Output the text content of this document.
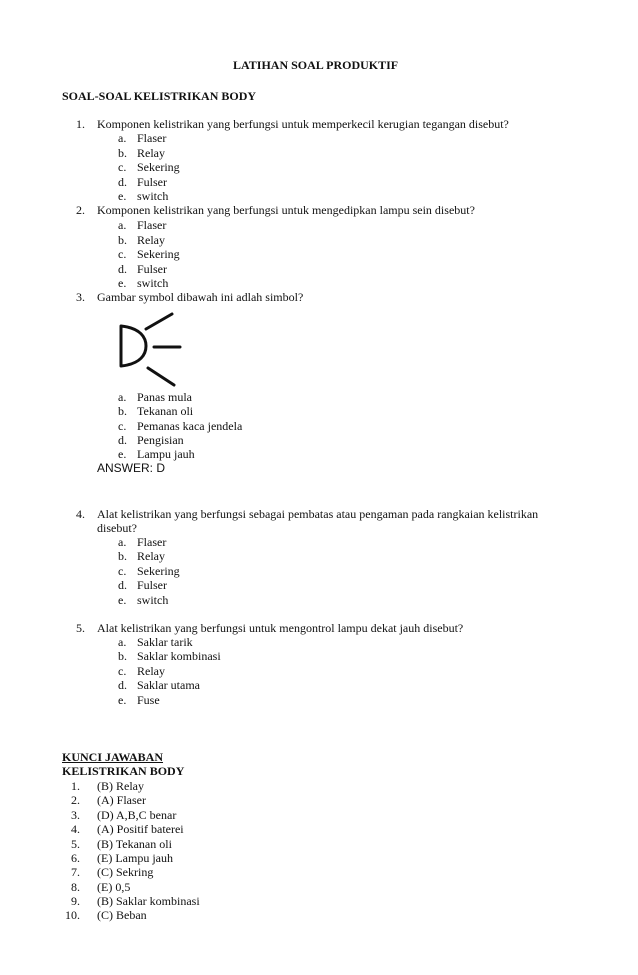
LATIHAN SOAL PRODUKTIF
SOAL-SOAL KELISTRIKAN BODY
1. Komponen kelistrikan yang berfungsi untuk memperkecil kerugian tegangan disebut?
a. Flaser
b. Relay
c. Sekering
d. Fulser
e. switch
2. Komponen kelistrikan yang berfungsi untuk mengedipkan lampu sein disebut?
a. Flaser
b. Relay
c. Sekering
d. Fulser
e. switch
3. Gambar symbol dibawah ini adlah simbol?
a. Panas mula
b. Tekanan oli
c. Pemanas kaca jendela
d. Pengisian
e. Lampu jauh
ANSWER: D
4. Alat kelistrikan yang berfungsi sebagai pembatas atau pengaman pada rangkaian kelistrikan
disebut?
a. Flaser
b. Relay
c. Sekering
d. Fulser
e. switch
5. Alat kelistrikan yang berfungsi untuk mengontrol lampu dekat jauh disebut?
a. Saklar tarik
b. Saklar kombinasi
c. Relay
d. Saklar utama
e. Fuse
KUNCI JAWABAN
KELISTRIKAN BODY
1. (B) Relay
2. (A) Flaser
3. (D) A,B,C benar
4. (A) Positif baterei
5. (B) Tekanan oli
6. (E) Lampu jauh
7. (C) Sekring
8. (E) 0,5
9. (B) Saklar kombinasi
10. (C) Beban
